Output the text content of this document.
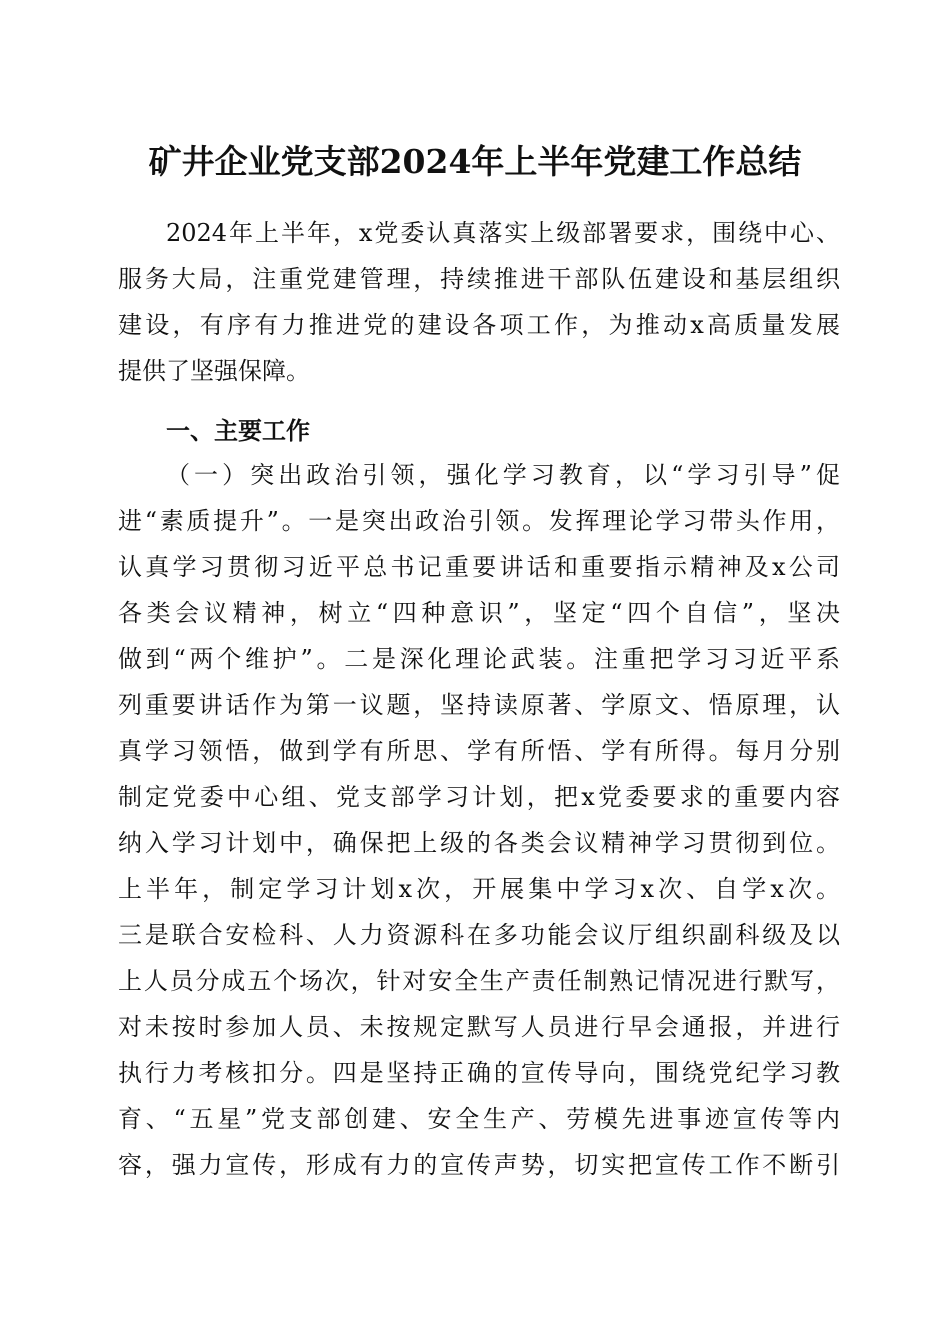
矿井企业党支部2024年上半年党建工作总结
2024年上半年，x党委认真落实上级部署要求，围绕中心、
服务大局，注重党建管理，持续推进干部队伍建设和基层组织
建设，有序有力推进党的建设各项工作，为推动x高质量发展
提供了坚强保障。
一、主要工作
（一）突出政治引领，强化学习教育，以“学习引导”促
进“素质提升”。一是突出政治引领。发挥理论学习带头作用，
认真学习贯彻习近平总书记重要讲话和重要指示精神及x公司
各类会议精神，树立“四种意识”，坚定“四个自信”，坚决
做到“两个维护”。二是深化理论武装。注重把学习习近平系
列重要讲话作为第一议题，坚持读原著、学原文、悟原理，认
真学习领悟，做到学有所思、学有所悟、学有所得。每月分别
制定党委中心组、党支部学习计划，把x党委要求的重要内容
纳入学习计划中，确保把上级的各类会议精神学习贯彻到位。
上半年，制定学习计划x次，开展集中学习x次、自学x次。
三是联合安检科、人力资源科在多功能会议厅组织副科级及以
上人员分成五个场次，针对安全生产责任制熟记情况进行默写，
对未按时参加人员、未按规定默写人员进行早会通报，并进行
执行力考核扣分。四是坚持正确的宣传导向，围绕党纪学习教
育、“五星”党支部创建、安全生产、劳模先进事迹宣传等内
容，强力宣传，形成有力的宣传声势，切实把宣传工作不断引
